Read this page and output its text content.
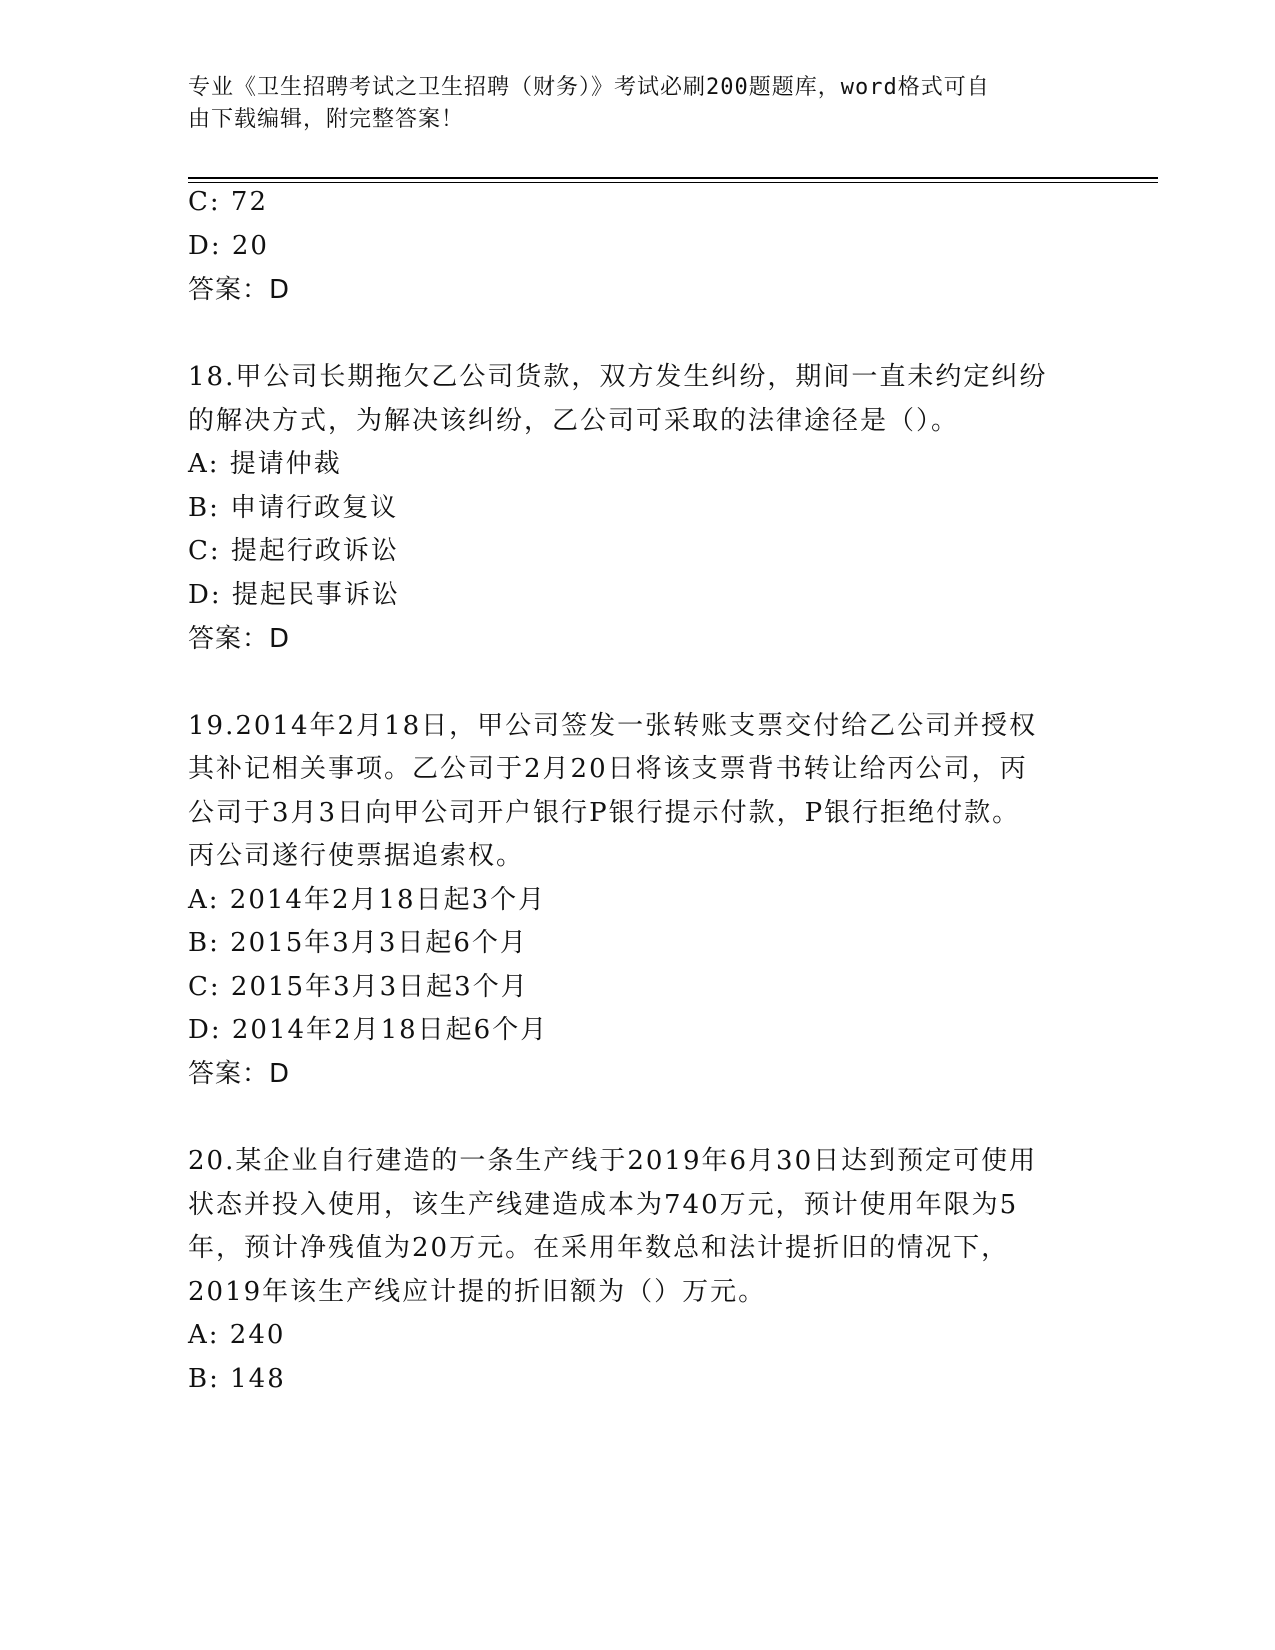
专业《卫生招聘考试之卫生招聘（财务）》考试必刷200题题库，word格式可自
由下载编辑，附完整答案！
C: 72
D: 20
答案：D
18.甲公司长期拖欠乙公司货款，双方发生纠纷，期间一直未约定纠纷
的解决方式，为解决该纠纷，乙公司可采取的法律途径是（）。
A: 提请仲裁
B: 申请行政复议
C: 提起行政诉讼
D: 提起民事诉讼
答案：D
19.2014年2月18日，甲公司签发一张转账支票交付给乙公司并授权
其补记相关事项。乙公司于2月20日将该支票背书转让给丙公司，丙
公司于3月3日向甲公司开户银行P银行提示付款，P银行拒绝付款。
丙公司遂行使票据追索权。
A: 2014年2月18日起3个月
B: 2015年3月3日起6个月
C: 2015年3月3日起3个月
D: 2014年2月18日起6个月
答案：D
20.某企业自行建造的一条生产线于2019年6月30日达到预定可使用
状态并投入使用，该生产线建造成本为740万元，预计使用年限为5
年，预计净残值为20万元。在采用年数总和法计提折旧的情况下，
2019年该生产线应计提的折旧额为（）万元。
A: 240
B: 148
